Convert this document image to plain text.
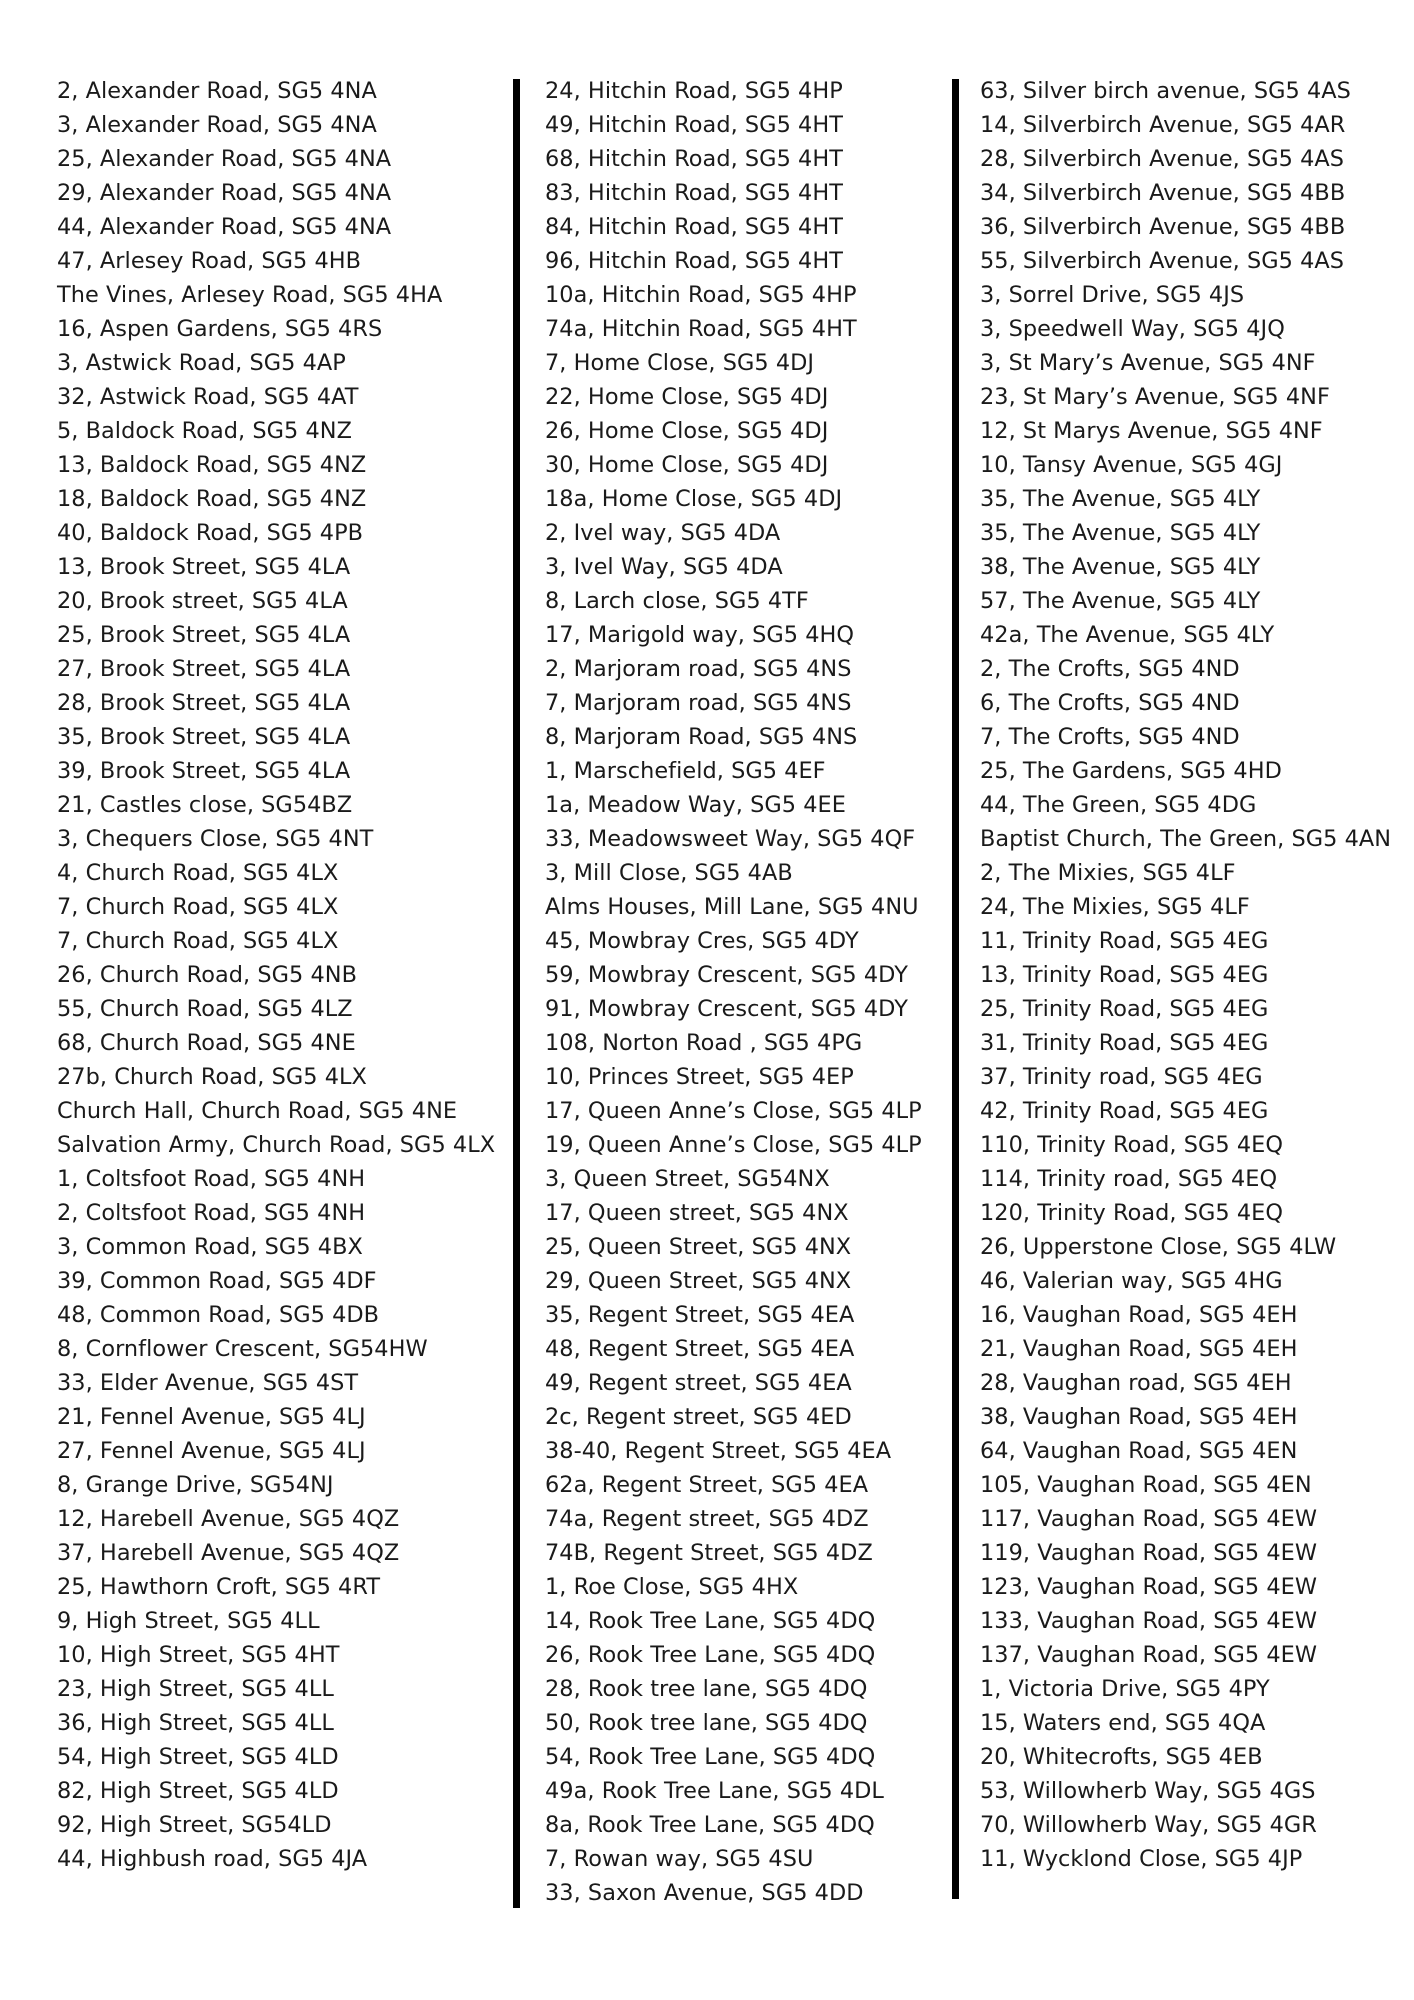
2, Alexander Road, SG5 4NA
3, Alexander Road, SG5 4NA
25, Alexander Road, SG5 4NA
29, Alexander Road, SG5 4NA
44, Alexander Road, SG5 4NA
47, Arlesey Road, SG5 4HB
The Vines, Arlesey Road, SG5 4HA
16, Aspen Gardens, SG5 4RS
3, Astwick Road, SG5 4AP
32, Astwick Road, SG5 4AT
5, Baldock Road, SG5 4NZ
13, Baldock Road, SG5 4NZ
18, Baldock Road, SG5 4NZ
40, Baldock Road, SG5 4PB
13, Brook Street, SG5 4LA
20, Brook street, SG5 4LA
25, Brook Street, SG5 4LA
27, Brook Street, SG5 4LA
28, Brook Street, SG5 4LA
35, Brook Street, SG5 4LA
39, Brook Street, SG5 4LA
21, Castles close, SG54BZ
3, Chequers Close, SG5 4NT
4, Church Road, SG5 4LX
7, Church Road, SG5 4LX
7, Church Road, SG5 4LX
26, Church Road, SG5 4NB
55, Church Road, SG5 4LZ
68, Church Road, SG5 4NE
27b, Church Road, SG5 4LX
Church Hall, Church Road, SG5 4NE
Salvation Army, Church Road, SG5 4LX
1, Coltsfoot Road, SG5 4NH
2, Coltsfoot Road, SG5 4NH
3, Common Road, SG5 4BX
39, Common Road, SG5 4DF
48, Common Road, SG5 4DB
8, Cornflower Crescent, SG54HW
33, Elder Avenue, SG5 4ST
21, Fennel Avenue, SG5 4LJ
27, Fennel Avenue, SG5 4LJ
8, Grange Drive, SG54NJ
12, Harebell Avenue, SG5 4QZ
37, Harebell Avenue, SG5 4QZ
25, Hawthorn Croft, SG5 4RT
9, High Street, SG5 4LL
10, High Street, SG5 4HT
23, High Street, SG5 4LL
36, High Street, SG5 4LL
54, High Street, SG5 4LD
82, High Street, SG5 4LD
92, High Street, SG54LD
44, Highbush road, SG5 4JA
24, Hitchin Road, SG5 4HP
49, Hitchin Road, SG5 4HT
68, Hitchin Road, SG5 4HT
83, Hitchin Road, SG5 4HT
84, Hitchin Road, SG5 4HT
96, Hitchin Road, SG5 4HT
10a, Hitchin Road, SG5 4HP
74a, Hitchin Road, SG5 4HT
7, Home Close, SG5 4DJ
22, Home Close, SG5 4DJ
26, Home Close, SG5 4DJ
30, Home Close, SG5 4DJ
18a, Home Close, SG5 4DJ
2, Ivel way, SG5 4DA
3, Ivel Way, SG5 4DA
8, Larch close, SG5 4TF
17, Marigold way, SG5 4HQ
2, Marjoram road, SG5 4NS
7, Marjoram road, SG5 4NS
8, Marjoram Road, SG5 4NS
1, Marschefield, SG5 4EF
1a, Meadow Way, SG5 4EE
33, Meadowsweet Way, SG5 4QF
3, Mill Close, SG5 4AB
Alms Houses, Mill Lane, SG5 4NU
45, Mowbray Cres, SG5 4DY
59, Mowbray Crescent, SG5 4DY
91, Mowbray Crescent, SG5 4DY
108, Norton Road , SG5 4PG
10, Princes Street, SG5 4EP
17, Queen Anne’s Close, SG5 4LP
19, Queen Anne’s Close, SG5 4LP
3, Queen Street, SG54NX
17, Queen street, SG5 4NX
25, Queen Street, SG5 4NX
29, Queen Street, SG5 4NX
35, Regent Street, SG5 4EA
48, Regent Street, SG5 4EA
49, Regent street, SG5 4EA
2c, Regent street, SG5 4ED
38-40, Regent Street, SG5 4EA
62a, Regent Street, SG5 4EA
74a, Regent street, SG5 4DZ
74B, Regent Street, SG5 4DZ
1, Roe Close, SG5 4HX
14, Rook Tree Lane, SG5 4DQ
26, Rook Tree Lane, SG5 4DQ
28, Rook tree lane, SG5 4DQ
50, Rook tree lane, SG5 4DQ
54, Rook Tree Lane, SG5 4DQ
49a, Rook Tree Lane, SG5 4DL
8a, Rook Tree Lane, SG5 4DQ
7, Rowan way, SG5 4SU
33, Saxon Avenue, SG5 4DD
63, Silver birch avenue, SG5 4AS
14, Silverbirch Avenue, SG5 4AR
28, Silverbirch Avenue, SG5 4AS
34, Silverbirch Avenue, SG5 4BB
36, Silverbirch Avenue, SG5 4BB
55, Silverbirch Avenue, SG5 4AS
3, Sorrel Drive, SG5 4JS
3, Speedwell Way, SG5 4JQ
3, St Mary’s Avenue, SG5 4NF
23, St Mary’s Avenue, SG5 4NF
12, St Marys Avenue, SG5 4NF
10, Tansy Avenue, SG5 4GJ
35, The Avenue, SG5 4LY
35, The Avenue, SG5 4LY
38, The Avenue, SG5 4LY
57, The Avenue, SG5 4LY
42a, The Avenue, SG5 4LY
2, The Crofts, SG5 4ND
6, The Crofts, SG5 4ND
7, The Crofts, SG5 4ND
25, The Gardens, SG5 4HD
44, The Green, SG5 4DG
Baptist Church, The Green, SG5 4AN
2, The Mixies, SG5 4LF
24, The Mixies, SG5 4LF
11, Trinity Road, SG5 4EG
13, Trinity Road, SG5 4EG
25, Trinity Road, SG5 4EG
31, Trinity Road, SG5 4EG
37, Trinity road, SG5 4EG
42, Trinity Road, SG5 4EG
110, Trinity Road, SG5 4EQ
114, Trinity road, SG5 4EQ
120, Trinity Road, SG5 4EQ
26, Upperstone Close, SG5 4LW
46, Valerian way, SG5 4HG
16, Vaughan Road, SG5 4EH
21, Vaughan Road, SG5 4EH
28, Vaughan road, SG5 4EH
38, Vaughan Road, SG5 4EH
64, Vaughan Road, SG5 4EN
105, Vaughan Road, SG5 4EN
117, Vaughan Road, SG5 4EW
119, Vaughan Road, SG5 4EW
123, Vaughan Road, SG5 4EW
133, Vaughan Road, SG5 4EW
137, Vaughan Road, SG5 4EW
1, Victoria Drive, SG5 4PY
15, Waters end, SG5 4QA
20, Whitecrofts, SG5 4EB
53, Willowherb Way, SG5 4GS
70, Willowherb Way, SG5 4GR
11, Wycklond Close, SG5 4JP
